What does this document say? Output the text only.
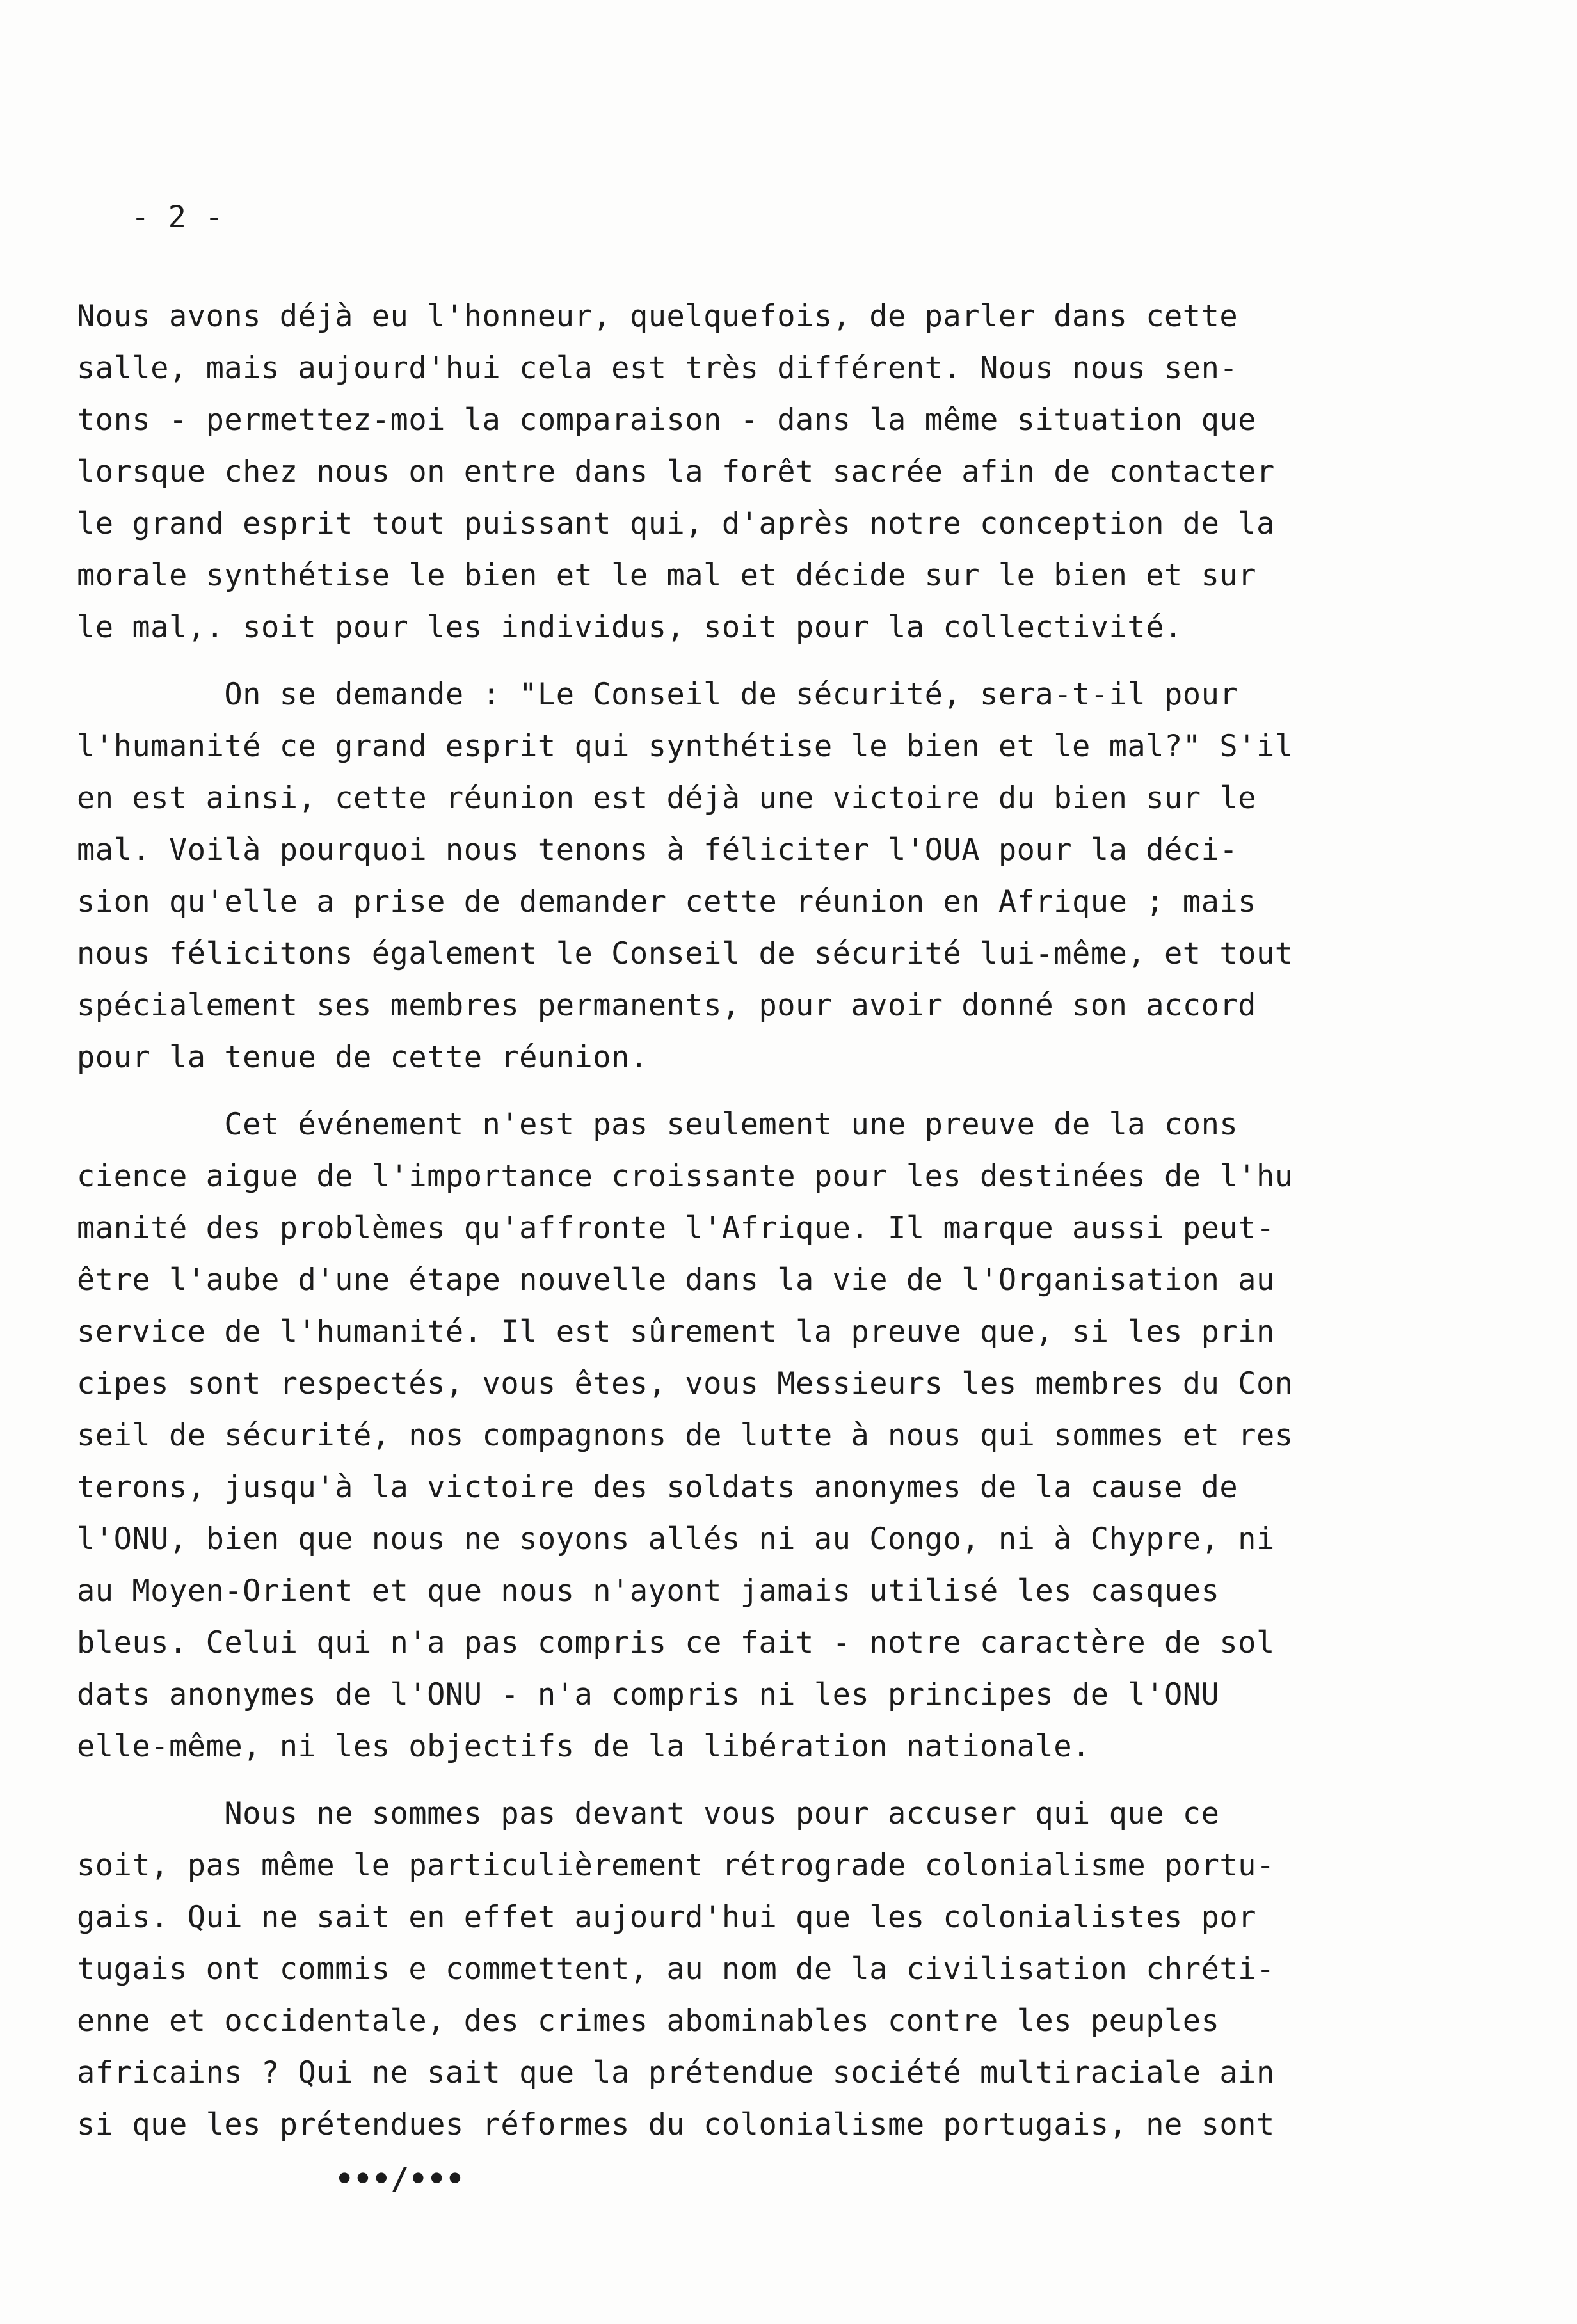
- 2 -
Nous avons déjà eu l'honneur, quelquefois, de parler dans cette
salle, mais aujourd'hui cela est très différent. Nous nous sen-
tons - permettez-moi la comparaison - dans la même situation que
lorsque chez nous on entre dans la forêt sacrée afin de contacter
le grand esprit tout puissant qui, d'après notre conception de la
morale synthétise le bien et le mal et décide sur le bien et sur
le mal,. soit pour les individus, soit pour la collectivité.
On se demande : "Le Conseil de sécurité, sera-t-il pour
l'humanité ce grand esprit qui synthétise le bien et le mal?" S'il
en est ainsi, cette réunion est déjà une victoire du bien sur le
mal. Voilà pourquoi nous tenons à féliciter l'OUA pour la déci-
sion qu'elle a prise de demander cette réunion en Afrique ; mais
nous félicitons également le Conseil de sécurité lui-même, et tout
spécialement ses membres permanents, pour avoir donné son accord
pour la tenue de cette réunion.
Cet événement n'est pas seulement une preuve de la cons
cience aigue de l'importance croissante pour les destinées de l'hu
manité des problèmes qu'affronte l'Afrique. Il marque aussi peut-
être l'aube d'une étape nouvelle dans la vie de l'Organisation au
service de l'humanité. Il est sûrement la preuve que, si les prin
cipes sont respectés, vous êtes, vous Messieurs les membres du Con
seil de sécurité, nos compagnons de lutte à nous qui sommes et res
terons, jusqu'à la victoire des soldats anonymes de la cause de
l'ONU, bien que nous ne soyons allés ni au Congo, ni à Chypre, ni
au Moyen-Orient et que nous n'ayont jamais utilisé les casques
bleus. Celui qui n'a pas compris ce fait - notre caractère de sol
dats anonymes de l'ONU - n'a compris ni les principes de l'ONU
elle-même, ni les objectifs de la libération nationale.
Nous ne sommes pas devant vous pour accuser qui que ce
soit, pas même le particulièrement rétrograde colonialisme portu-
gais. Qui ne sait en effet aujourd'hui que les colonialistes por
tugais ont commis e commettent, au nom de la civilisation chréti-
enne et occidentale, des crimes abominables contre les peuples
africains ? Qui ne sait que la prétendue société multiraciale ain
si que les prétendues réformes du colonialisme portugais, ne sont
•••/•••
